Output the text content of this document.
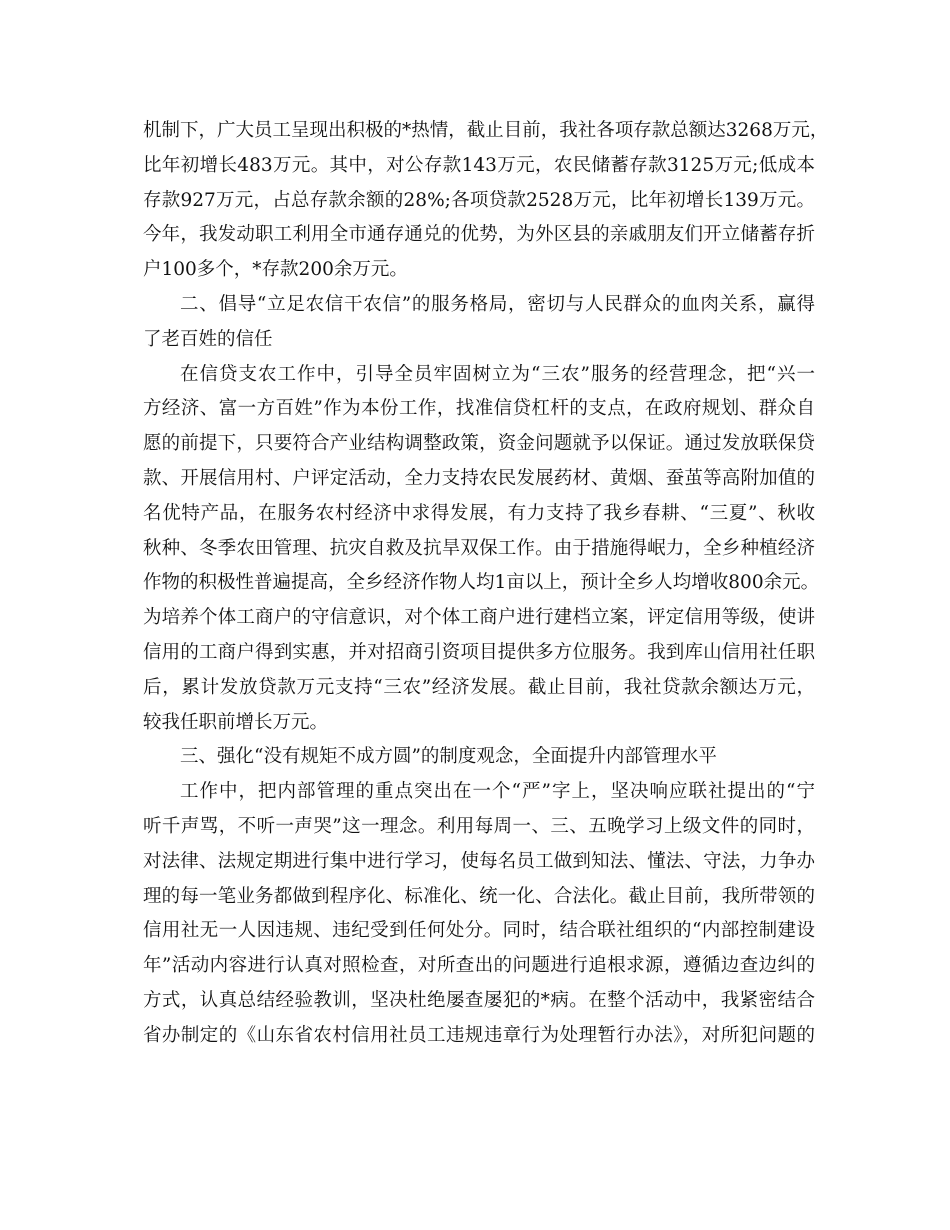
机制下，广大员工呈现出积极的*热情，截止目前，我社各项存款总额达3268万元，
比年初增长483万元。其中，对公存款143万元，农民储蓄存款3125万元;低成本
存款927万元，占总存款余额的28%;各项贷款2528万元，比年初增长139万元。
今年，我发动职工利用全市通存通兑的优势，为外区县的亲戚朋友们开立储蓄存折
户100多个，*存款200余万元。
二、倡导“立足农信干农信”的服务格局，密切与人民群众的血肉关系，赢得
了老百姓的信任
在信贷支农工作中，引导全员牢固树立为“三农”服务的经营理念，把“兴一
方经济、富一方百姓”作为本份工作，找准信贷杠杆的支点，在政府规划、群众自
愿的前提下，只要符合产业结构调整政策，资金问题就予以保证。通过发放联保贷
款、开展信用村、户评定活动，全力支持农民发展药材、黄烟、蚕茧等高附加值的
名优特产品，在服务农村经济中求得发展，有力支持了我乡春耕、“三夏”、秋收
秋种、冬季农田管理、抗灾自救及抗旱双保工作。由于措施得岷力，全乡种植经济
作物的积极性普遍提高，全乡经济作物人均1亩以上，预计全乡人均增收800余元。
为培养个体工商户的守信意识，对个体工商户进行建档立案，评定信用等级，使讲
信用的工商户得到实惠，并对招商引资项目提供多方位服务。我到库山信用社任职
后，累计发放贷款万元支持“三农”经济发展。截止目前，我社贷款余额达万元，
较我任职前增长万元。
三、强化“没有规矩不成方圆”的制度观念，全面提升内部管理水平
工作中，把内部管理的重点突出在一个“严”字上，坚决响应联社提出的“宁
听千声骂，不听一声哭”这一理念。利用每周一、三、五晚学习上级文件的同时，
对法律、法规定期进行集中进行学习，使每名员工做到知法、懂法、守法，力争办
理的每一笔业务都做到程序化、标准化、统一化、合法化。截止目前，我所带领的
信用社无一人因违规、违纪受到任何处分。同时，结合联社组织的“内部控制建设
年”活动内容进行认真对照检查，对所查出的问题进行追根求源，遵循边查边纠的
方式，认真总结经验教训，坚决杜绝屡查屡犯的*病。在整个活动中，我紧密结合
省办制定的《山东省农村信用社员工违规违章行为处理暂行办法》，对所犯问题的
